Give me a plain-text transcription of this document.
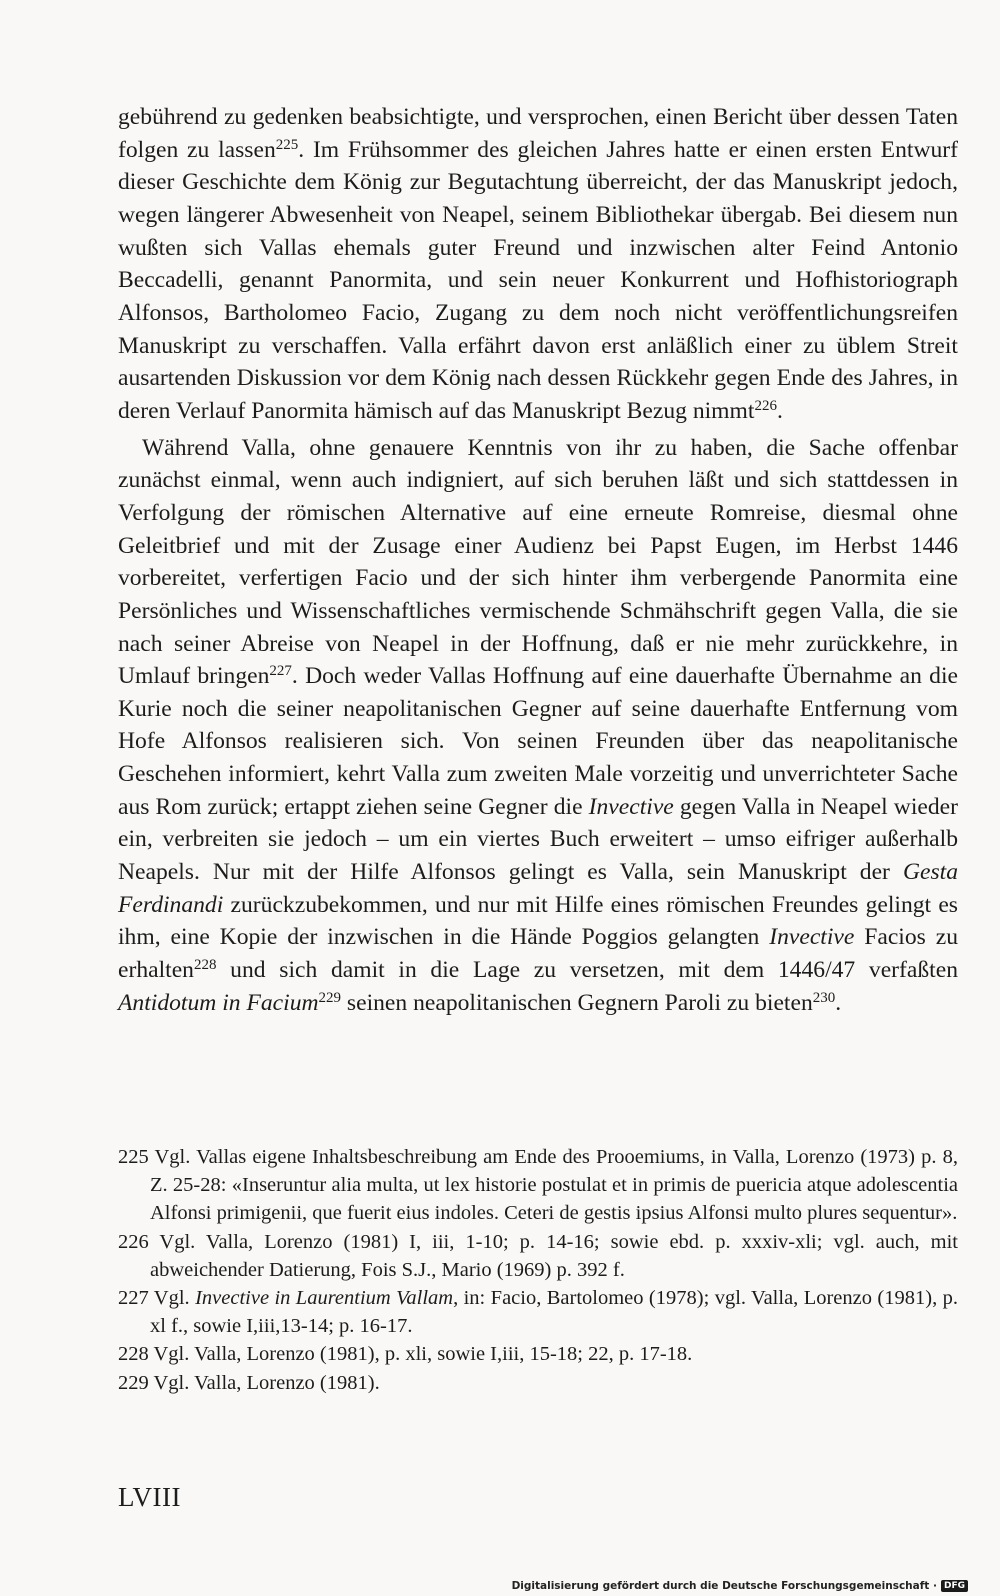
gebührend zu gedenken beabsichtigte, und versprochen, einen Bericht über dessen Taten folgen zu lassen$^{225}$. Im Frühsommer des gleichen Jahres hatte er einen ersten Entwurf dieser Geschichte dem König zur Begutachtung überreicht, der das Manuskript jedoch, wegen längerer Abwesenheit von Neapel, seinem Bibliothekar übergab. Bei diesem nun wußten sich Vallas ehemals guter Freund und inzwischen alter Feind Antonio Beccadelli, genannt Panormita, und sein neuer Konkurrent und Hofhistoriograph Alfonsos, Bartholomeo Facio, Zugang zu dem noch nicht veröffentlichungsreifen Manuskript zu verschaffen. Valla erfährt davon erst anläßlich einer zu üblem Streit ausartenden Diskussion vor dem König nach dessen Rückkehr gegen Ende des Jahres, in deren Verlauf Panormita hämisch auf das Manuskript Bezug nimmt$^{226}$.

Während Valla, ohne genauere Kenntnis von ihr zu haben, die Sache offenbar zunächst einmal, wenn auch indigniert, auf sich beruhen läßt und sich stattdessen in Verfolgung der römischen Alternative auf eine erneute Romreise, diesmal ohne Geleitbrief und mit der Zusage einer Audienz bei Papst Eugen, im Herbst 1446 vorbereitet, verfertigen Facio und der sich hinter ihm verbergende Panormita eine Persönliches und Wissenschaftliches vermischende Schmähschrift gegen Valla, die sie nach seiner Abreise von Neapel in der Hoffnung, daß er nie mehr zurückkehre, in Umlauf bringen$^{227}$. Doch weder Vallas Hoffnung auf eine dauerhafte Übernahme an die Kurie noch die seiner neapolitanischen Gegner auf seine dauerhafte Entfernung vom Hofe Alfonsos realisieren sich. Von seinen Freunden über das neapolitanische Geschehen informiert, kehrt Valla zum zweiten Male vorzeitig und unverrichteter Sache aus Rom zurück; ertappt ziehen seine Gegner die Invective gegen Valla in Neapel wieder ein, verbreiten sie jedoch – um ein viertes Buch erweitert – umso eifriger außerhalb Neapels. Nur mit der Hilfe Alfonsos gelingt es Valla, sein Manuskript der Gesta Ferdinandi zurückzubekommen, und nur mit Hilfe eines römischen Freundes gelingt es ihm, eine Kopie der inzwischen in die Hände Poggios gelangten Invective Facios zu erhalten$^{228}$ und sich damit in die Lage zu versetzen, mit dem 1446/47 verfaßten Antidotum in Facium$^{229}$ seinen neapolitanischen Gegnern Paroli zu bieten$^{230}$.

225 Vgl. Vallas eigene Inhaltsbeschreibung am Ende des Prooemiums, in Valla, Lorenzo (1973) p. 8, Z. 25-28: «Inseruntur alia multa, ut lex historie postulat et in primis de puericia atque adolescentia Alfonsi primigenii, que fuerit eius indoles. Ceteri de gestis ipsius Alfonsi multo plures sequentur».

226 Vgl. Valla, Lorenzo (1981) I, iii, 1-10; p. 14-16; sowie ebd. p. xxxiv-xli; vgl. auch, mit abweichender Datierung, Fois S.J., Mario (1969) p. 392 f.

227 Vgl. Invective in Laurentium Vallam, in: Facio, Bartolomeo (1978); vgl. Valla, Lorenzo (1981), p. xl f., sowie I,iii,13-14; p. 16-17.

228 Vgl. Valla, Lorenzo (1981), p. xli, sowie I,iii, 15-18; 22, p. 17-18.

229 Vgl. Valla, Lorenzo (1981).

LVIII
Digitalisierung gefördert durch die Deutsche Forschungsgemeinschaft · DFG
